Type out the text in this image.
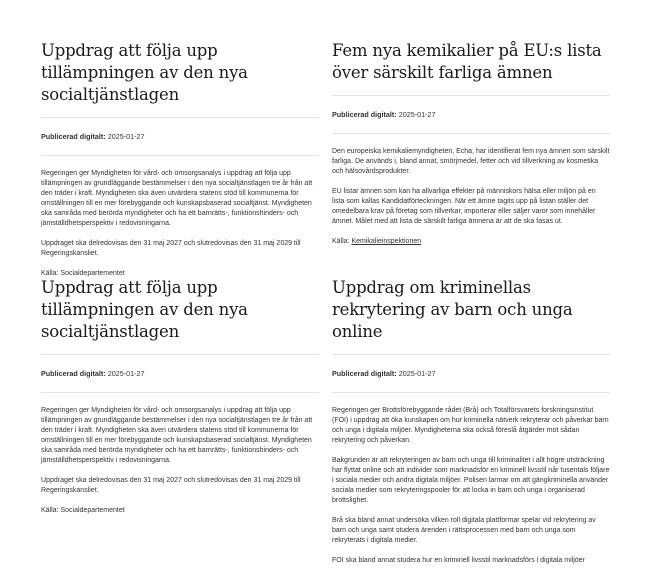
Uppdrag att följa upp tillämpningen av den nya socialtjänstlagen
Publicerad digitalt: 2025-01-27

Regeringen ger Myndigheten för vård- och omsorgsanalys i uppdrag att följa upp tillämpningen av grundläggande bestämmelser i den nya socialtjänstlagen tre år från att den träder i kraft. Myndigheten ska även utvärdera statens stöd till kommunerna för omställningen till en mer förebyggande och kunskapsbaserad socialtjänst. Myndigheten ska samråda med berörda myndigheter och ha ett barnrätts-, funktionshinders- och jämställdhetsperspektiv i redovisningarna.

Uppdraget ska delredovisas den 31 maj 2027 och slutredovisas den 31 maj 2029 till Regeringskansliet.

Källa: Socialdepartementet
Fem nya kemikalier på EU:s lista över särskilt farliga ämnen
Publicerad digitalt: 2025-01-27

Den europeiska kemikaliemyndigheten, Echa, har identifierat fem nya ämnen som särskilt farliga. De används i, bland annat, smörjmedel, fetter och vid tillverkning av kosmetika och hälsovårdsprodukter.

EU listar ämnen som kan ha allvarliga effekter på människors hälsa eller miljön på en lista som kallas Kandidatförteckningen. När ett ämne tagits upp på listan ställer det omedelbara krav på företag som tillverkar, importerar eller säljer varor som innehåller ämnet. Målet med att lista de särskilt farliga ämnena är att de ska fasas ut.

Källa: Kemikalieinspektionen
Uppdrag att följa upp tillämpningen av den nya socialtjänstlagen
Publicerad digitalt: 2025-01-27

Regeringen ger Myndigheten för vård- och omsorgsanalys i uppdrag att följa upp tillämpningen av grundläggande bestämmelser i den nya socialtjänstlagen tre år från att den träder i kraft. Myndigheten ska även utvärdera statens stöd till kommunerna för omställningen till en mer förebyggande och kunskapsbaserad socialtjänst. Myndigheten ska samråda med berörda myndigheter och ha ett barnrätts-, funktionshinders- och jämställdhetsperspektiv i redovisningarna.

Uppdraget ska delredovisas den 31 maj 2027 och slutredovisas den 31 maj 2029 till Regeringskansliet.

Källa: Socialdepartementet
Uppdrag om kriminellas rekrytering av barn och unga online
Publicerad digitalt: 2025-01-27

Regeringen ger Brottsförebyggande rådet (Brå) och Totalförsvarets forskningsinstitut (FOI) i uppdrag att öka kunskapen om hur kriminella nätverk rekryterar och påverkar barn och unga i digitala miljöer. Myndigheterna ska också föreslå åtgärder mot sådan rekrytering och påverkan.

Bakgrunden är att rekryteringen av barn och unga till kriminalitet i allt högre utsträckning har flyttat online och att individer som marknadsför en kriminell livsstil når tusentals följare i sociala medier och andra digitala miljöer. Polisen larmar om att gängkriminella använder sociala medier som rekryteringspooler för att locka in barn och unga i organiserad brottslighet.

Brå ska bland annat undersöka vilken roll digitala plattformar spelar vid rekrytering av barn och unga samt studera ärenden i rättsprocessen med barn och unga som rekryterats i digitala medier.

FOI ska bland annat studera hur en kriminell livsstil marknadsförs i digitala miljöer
